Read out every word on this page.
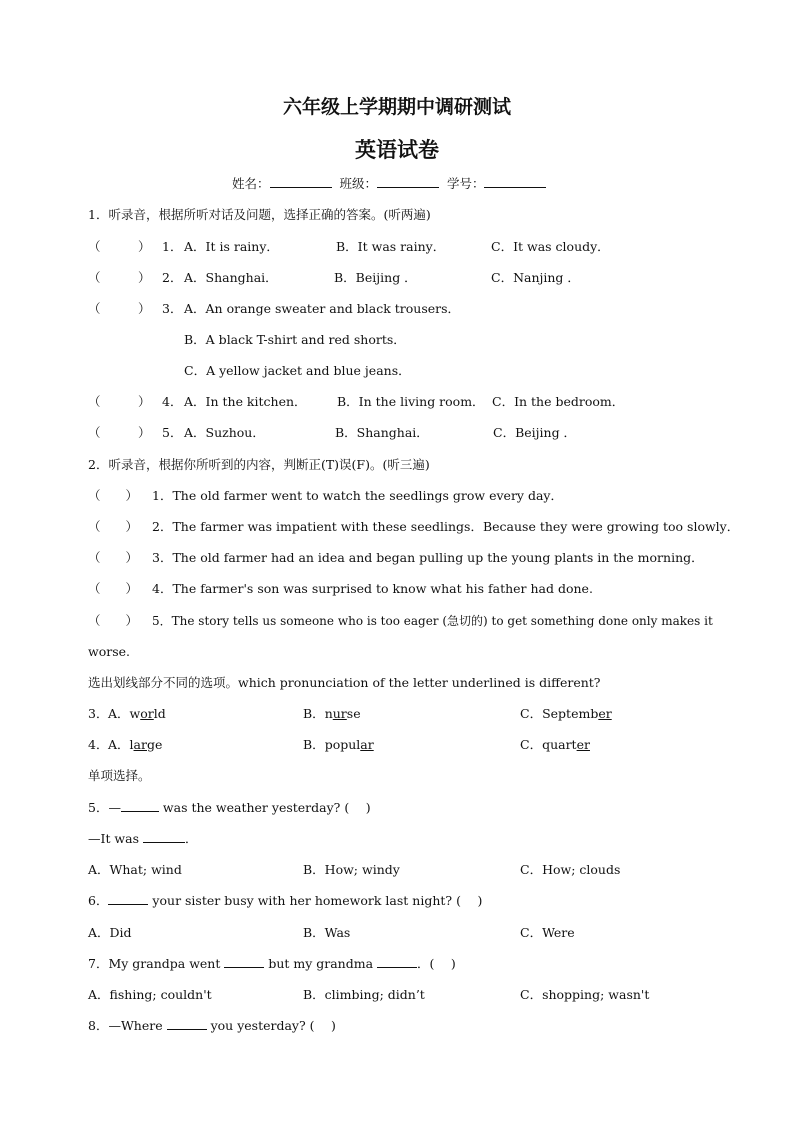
六年级上学期期中调研测试
英语试卷
姓名：	班级：	学号：
1．听录音，根据所听对话及问题，选择正确的答案。(听两遍)
（　　　） 1． A．It is rainy．	B．It was rainy．	C．It was cloudy．
（　　　） 2． A．Shanghai．	B．Beijing ．	C．Nanjing ．
（　　　） 3． A．An orange sweater and black trousers．
B．A black T-shirt and red shorts．
C．A yellow jacket and blue jeans．
（　　　） 4． A．In the kitchen． B．In the living room． C．In the bedroom．
（　　　） 5． A．Suzhou．	B．Shanghai．	C．Beijing ．
2．听录音，根据你所听到的内容，判断正(T)误(F)。(听三遍)
（　　） 1．The old farmer went to watch the seedlings grow every day．
（　　） 2．The farmer was impatient with these seedlings．Because they were growing too slowly．
（　　） 3．The old farmer had an idea and began pulling up the young plants in the morning．
（　　） 4．The farmer's son was surprised to know what his father had done.
（　　） 5．The story tells us someone who is too eager (急切的) to get something done only makes it
worse.
选出划线部分不同的选项。which pronunciation of the letter underlined is different?
3． A．world	B．nurse	C．September
4． A．large	B．popular	C．quarter
单项选择。
5．—	was the weather yesterday? (　 )
—It was	．
A．What; wind	B．How; windy	C．How; clouds
6．	your sister busy with her homework last night? (　 )
A．Did	B．Was	C．Were
7．My grandpa went	but my grandma	．(　 )
A．fishing; couldn't	B．climbing; didn’t	C．shopping; wasn't
8．—Where	you yesterday? (　 )
